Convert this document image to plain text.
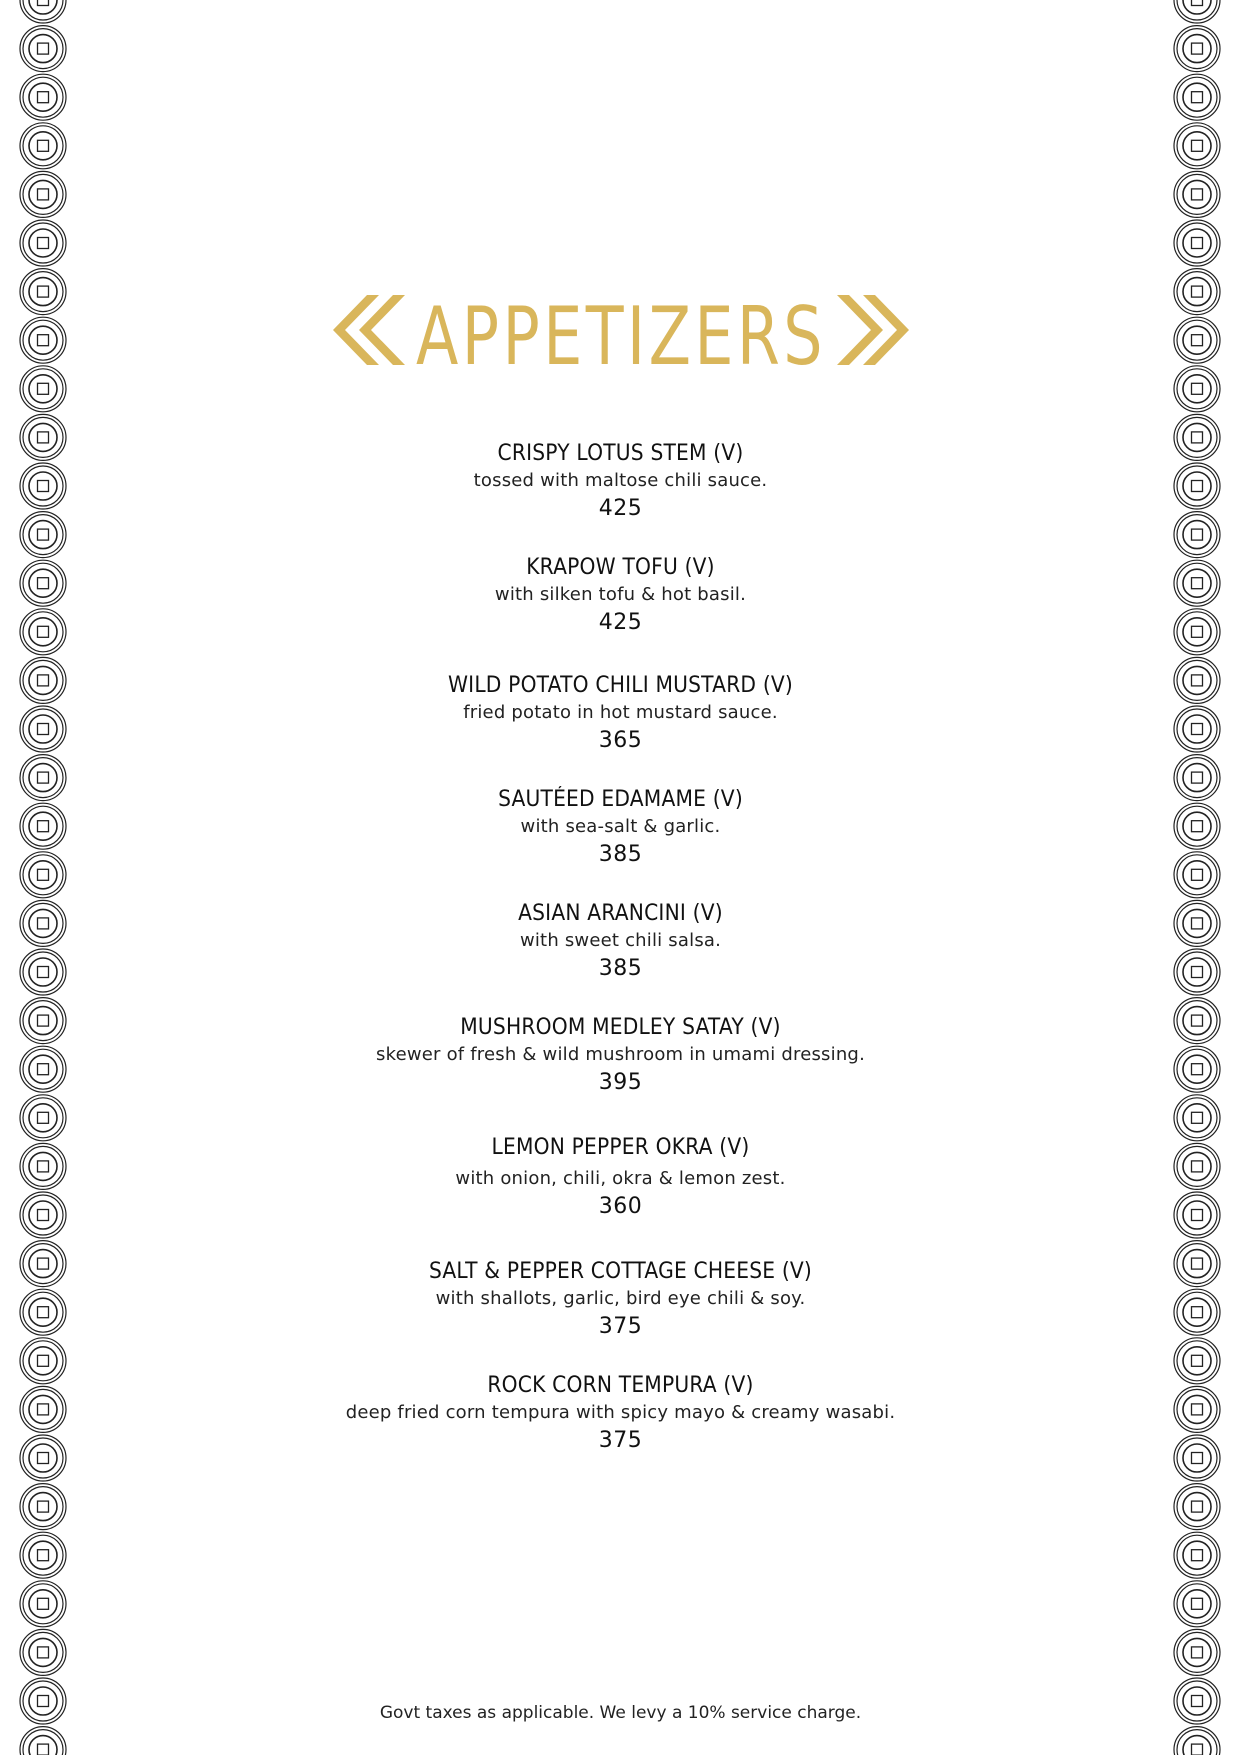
APPETIZERS
CRISPY LOTUS STEM (V)
tossed with maltose chili sauce.
425
KRAPOW TOFU (V)
with silken tofu & hot basil.
425
WILD POTATO CHILI MUSTARD (V)
fried potato in hot mustard sauce.
365
SAUTÉED EDAMAME (V)
with sea-salt & garlic.
385
ASIAN ARANCINI (V)
with sweet chili salsa.
385
MUSHROOM MEDLEY SATAY (V)
skewer of fresh & wild mushroom in umami dressing.
395
LEMON PEPPER OKRA (V)
with onion, chili, okra & lemon zest.
360
SALT & PEPPER COTTAGE CHEESE (V)
with shallots, garlic, bird eye chili & soy.
375
ROCK CORN TEMPURA (V)
deep fried corn tempura with spicy mayo & creamy wasabi.
375
Govt taxes as applicable. We levy a 10% service charge.
